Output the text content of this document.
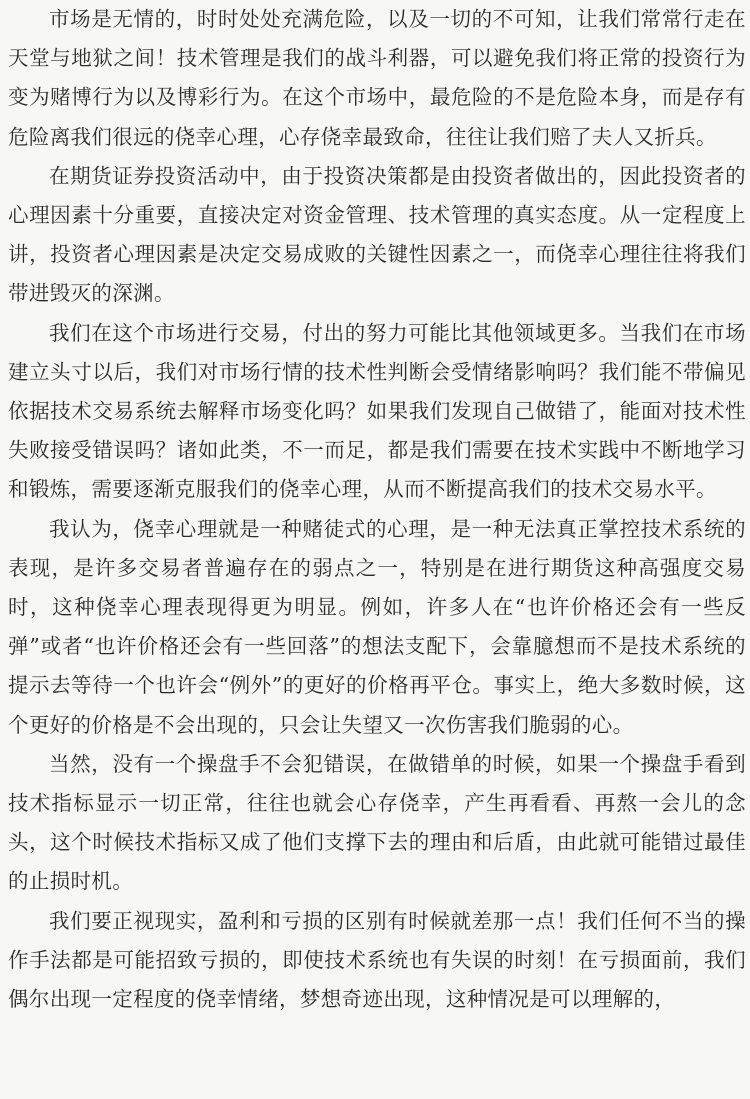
市场是无情的，时时处处充满危险，以及一切的不可知，让我们常常行走在天堂与地狱之间！技术管理是我们的战斗利器，可以避免我们将正常的投资行为变为赌博行为以及博彩行为。在这个市场中，最危险的不是危险本身，而是存有危险离我们很远的侥幸心理，心存侥幸最致命，往往让我们赔了夫人又折兵。

在期货证券投资活动中，由于投资决策都是由投资者做出的，因此投资者的心理因素十分重要，直接决定对资金管理、技术管理的真实态度。从一定程度上讲，投资者心理因素是决定交易成败的关键性因素之一，而侥幸心理往往将我们带进毁灭的深渊。

我们在这个市场进行交易，付出的努力可能比其他领域更多。当我们在市场建立头寸以后，我们对市场行情的技术性判断会受情绪影响吗？我们能不带偏见依据技术交易系统去解释市场变化吗？如果我们发现自己做错了，能面对技术性失败接受错误吗？诸如此类，不一而足，都是我们需要在技术实践中不断地学习和锻炼，需要逐渐克服我们的侥幸心理，从而不断提高我们的技术交易水平。

我认为，侥幸心理就是一种赌徒式的心理，是一种无法真正掌控技术系统的表现，是许多交易者普遍存在的弱点之一，特别是在进行期货这种高强度交易时，这种侥幸心理表现得更为明显。例如，许多人在“也许价格还会有一些反弹”或者“也许价格还会有一些回落”的想法支配下，会靠臆想而不是技术系统的提示去等待一个也许会“例外”的更好的价格再平仓。事实上，绝大多数时候，这个更好的价格是不会出现的，只会让失望又一次伤害我们脆弱的心。

当然，没有一个操盘手不会犯错误，在做错单的时候，如果一个操盘手看到技术指标显示一切正常，往往也就会心存侥幸，产生再看看、再熬一会儿的念头，这个时候技术指标又成了他们支撑下去的理由和后盾，由此就可能错过最佳的止损时机。

我们要正视现实，盈利和亏损的区别有时候就差那一点！我们任何不当的操作手法都是可能招致亏损的，即使技术系统也有失误的时刻！在亏损面前，我们偶尔出现一定程度的侥幸情绪，梦想奇迹出现，这种情况是可以理解的，
